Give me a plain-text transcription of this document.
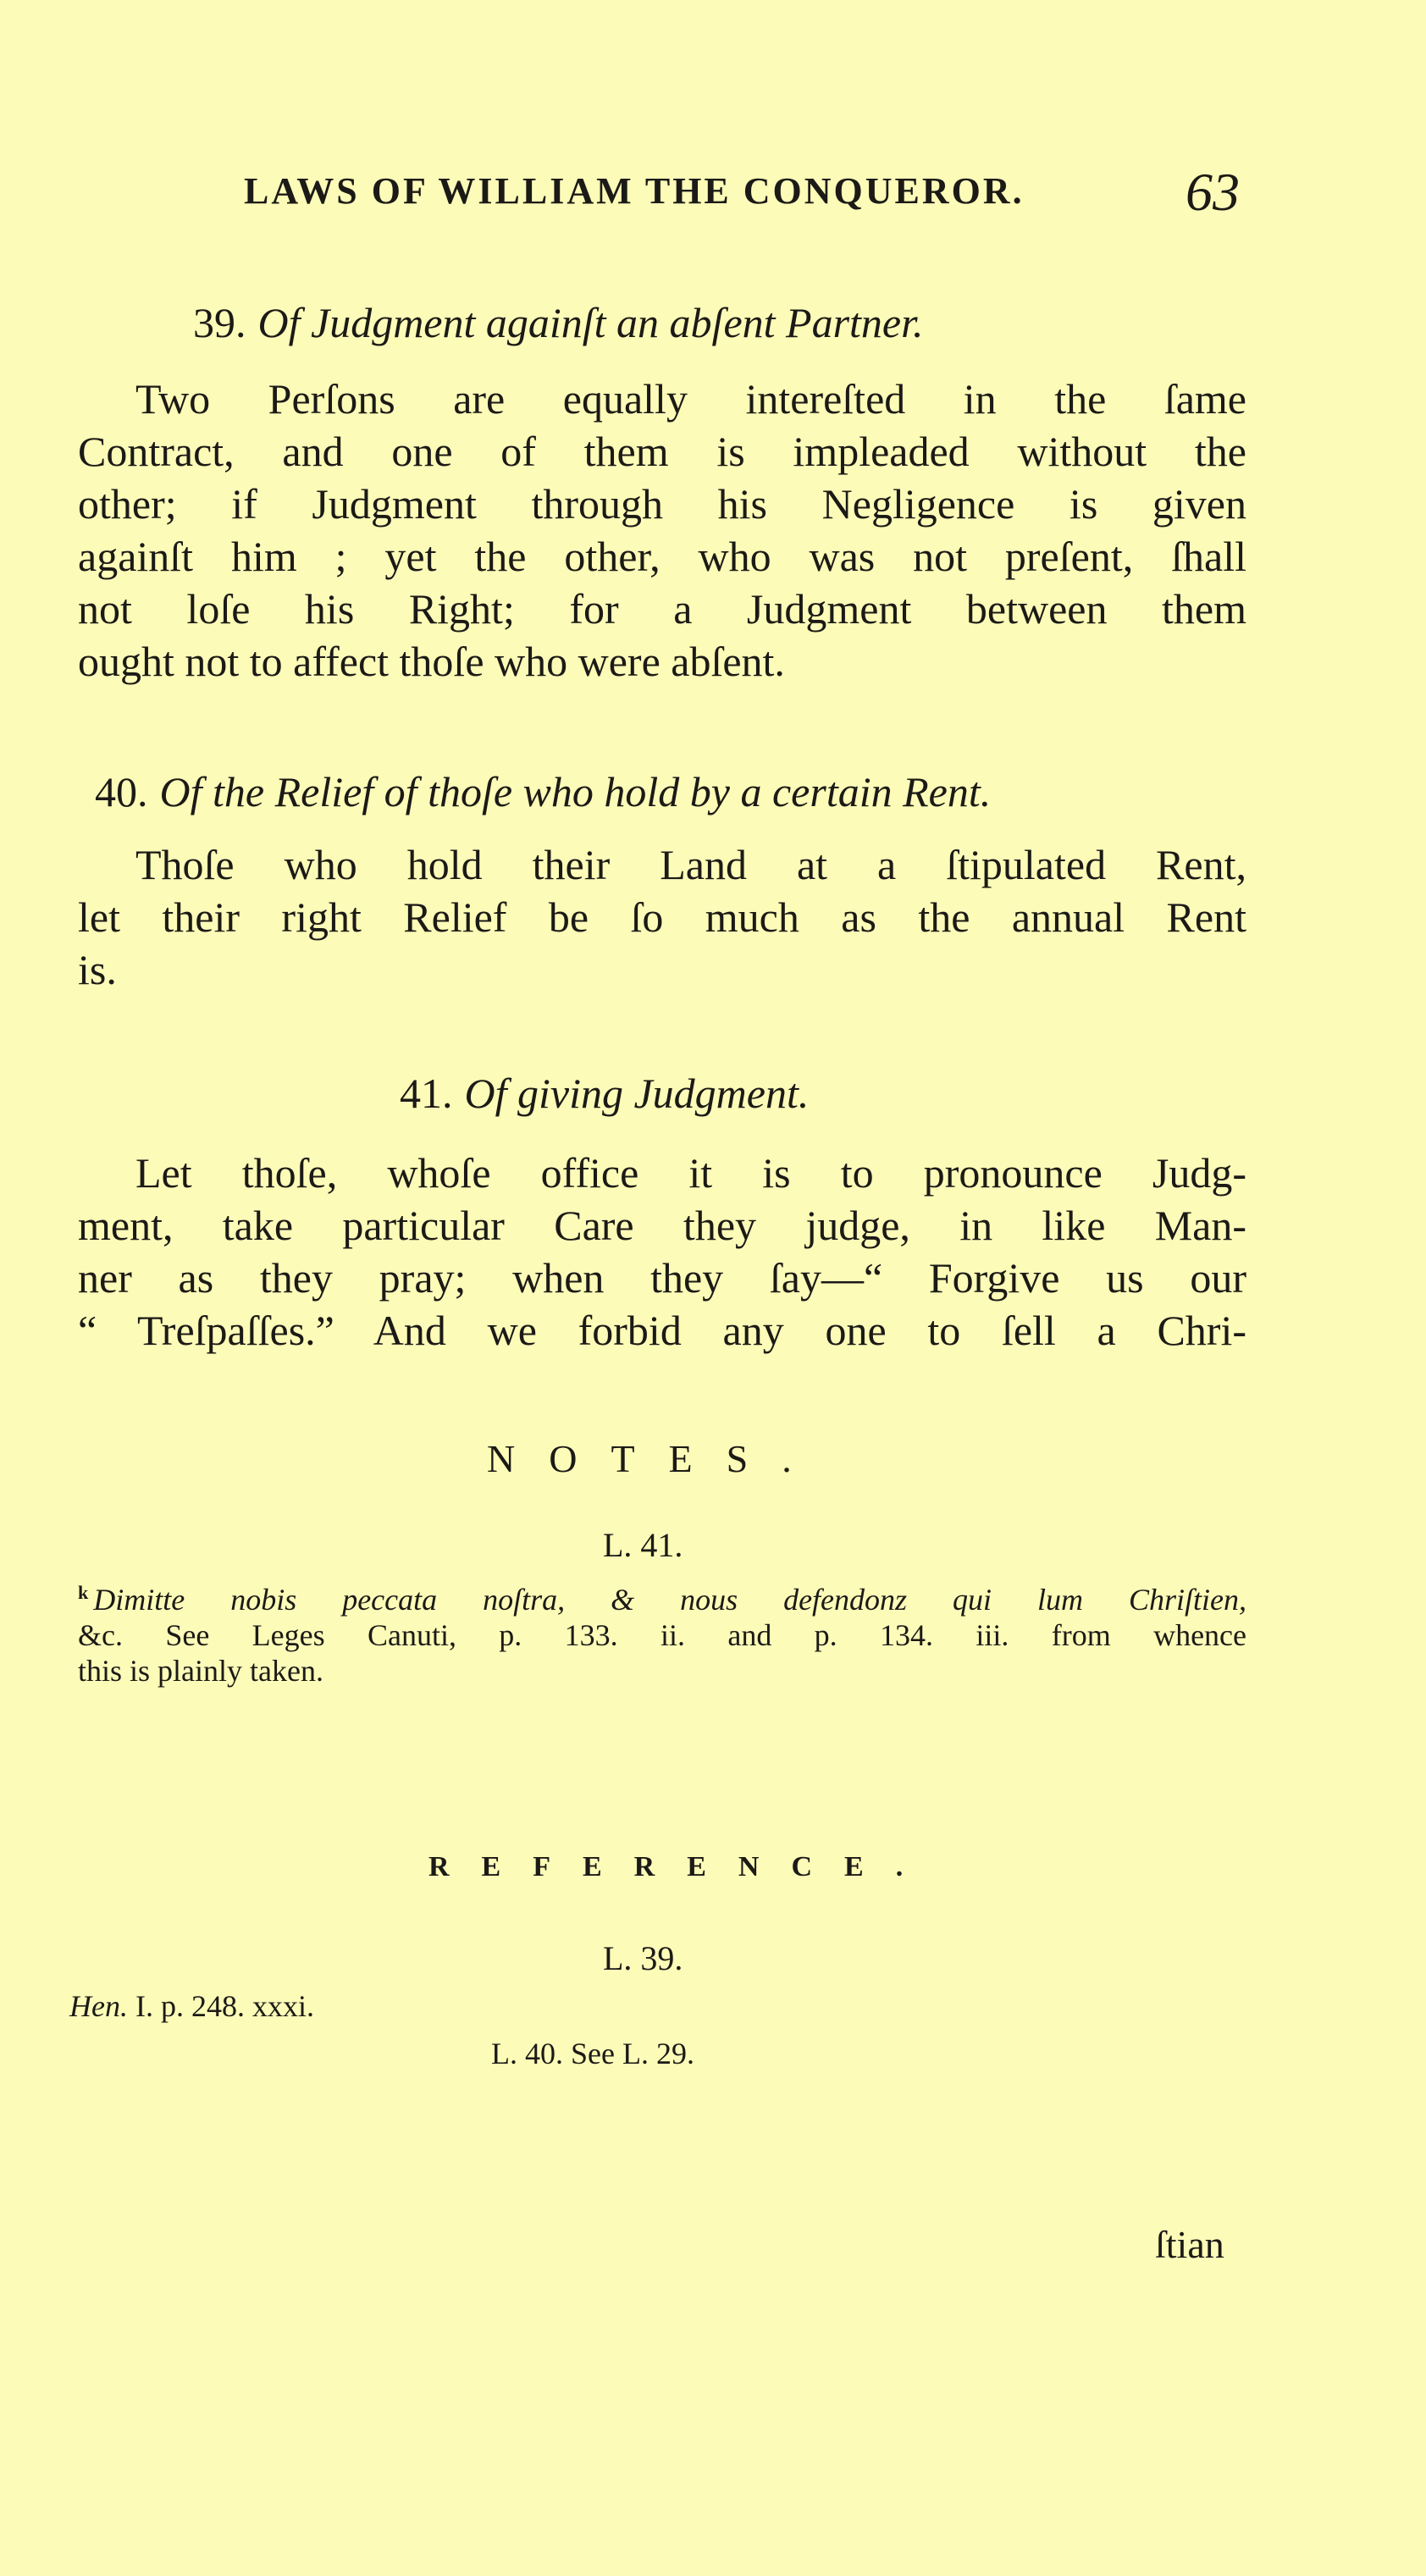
LAWS OF WILLIAM THE CONQUEROR.	63
39. Of Judgment againſt an abſent Partner.
Two Perſons are equally intereſted in the ſame
Contract, and one of them is impleaded without the
other; if Judgment through his Negligence is given
againſt him ; yet the other, who was not preſent, ſhall
not loſe his Right; for a Judgment between them
ought not to affect thoſe who were abſent.
40. Of the Relief of thoſe who hold by a certain Rent.
Thoſe who hold their Land at a ſtipulated Rent,
let their right Relief be ſo much as the annual Rent
is.
41. Of giving Judgment.
Let thoſe, whoſe office it is to pronounce Judg-
ment, take particular Care they judge, in like Man-
ner as they pray; when they ſay—“ Forgive us our
“ Treſpaſſes.” And we forbid any one to ſell a Chri-
NOTES.
L. 41.
$^k$ Dimitte nobis peccata noſtra, & nous defendonz qui lum Chriſtien,
&c. See Leges Canuti, p. 133. ii. and p. 134. iii. from whence
this is plainly taken.
REFERENCE.
L. 39.
Hen. I. p. 248. xxxi.
L. 40. See L. 29.
ſtian
